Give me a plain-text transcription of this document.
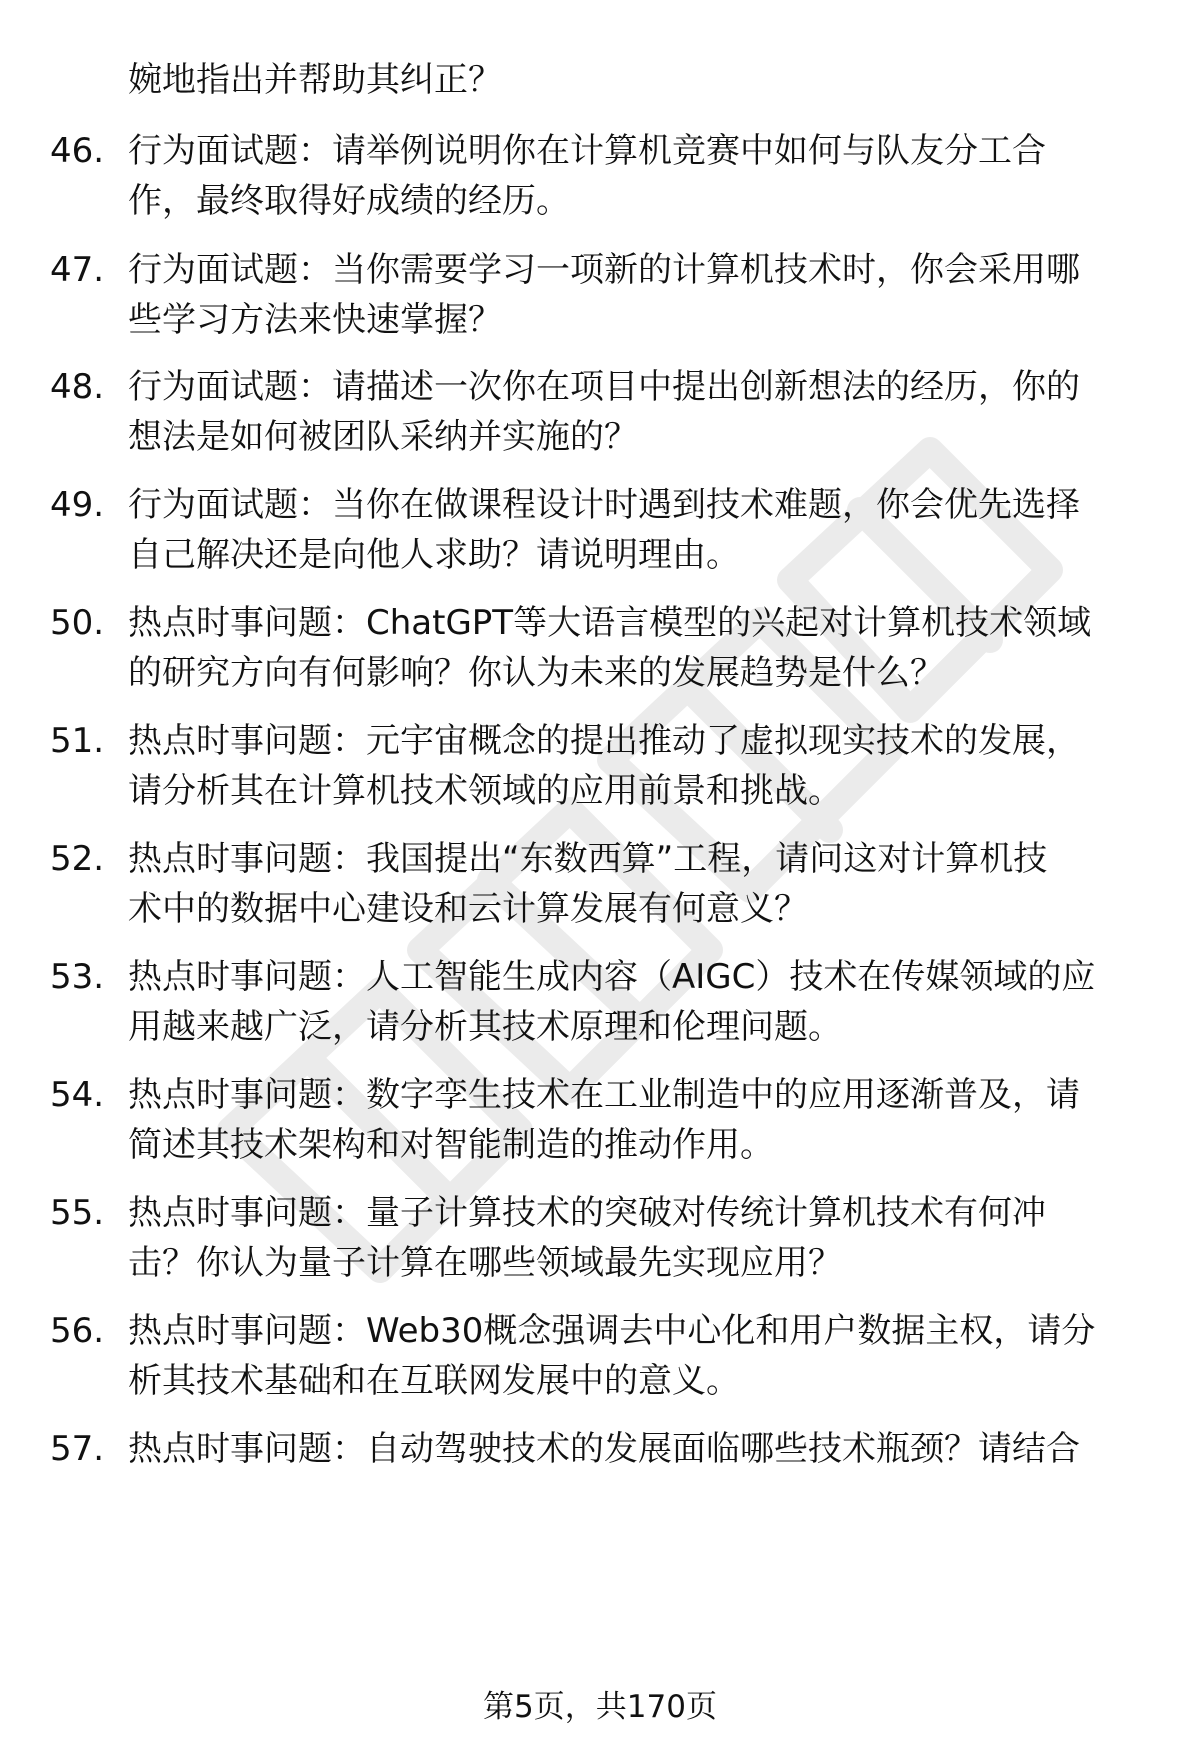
婉地指出并帮助其纠正？
46. 行为面试题：请举例说明你在计算机竞赛中如何与队友分工合
作，最终取得好成绩的经历。
47. 行为面试题：当你需要学习一项新的计算机技术时，你会采用哪
些学习方法来快速掌握？
48. 行为面试题：请描述一次你在项目中提出创新想法的经历，你的
想法是如何被团队采纳并实施的？
49. 行为面试题：当你在做课程设计时遇到技术难题，你会优先选择
自己解决还是向他人求助？请说明理由。
50. 热点时事问题：ChatGPT等大语言模型的兴起对计算机技术领域
的研究方向有何影响？你认为未来的发展趋势是什么？
51. 热点时事问题：元宇宙概念的提出推动了虚拟现实技术的发展，
请分析其在计算机技术领域的应用前景和挑战。
52. 热点时事问题：我国提出“东数西算”工程，请问这对计算机技
术中的数据中心建设和云计算发展有何意义？
53. 热点时事问题：人工智能生成内容（AIGC）技术在传媒领域的应
用越来越广泛，请分析其技术原理和伦理问题。
54. 热点时事问题：数字孪生技术在工业制造中的应用逐渐普及，请
简述其技术架构和对智能制造的推动作用。
55. 热点时事问题：量子计算技术的突破对传统计算机技术有何冲
击？你认为量子计算在哪些领域最先实现应用？
56. 热点时事问题：Web30概念强调去中心化和用户数据主权，请分
析其技术基础和在互联网发展中的意义。
57. 热点时事问题：自动驾驶技术的发展面临哪些技术瓶颈？请结合
第5页，共170页
